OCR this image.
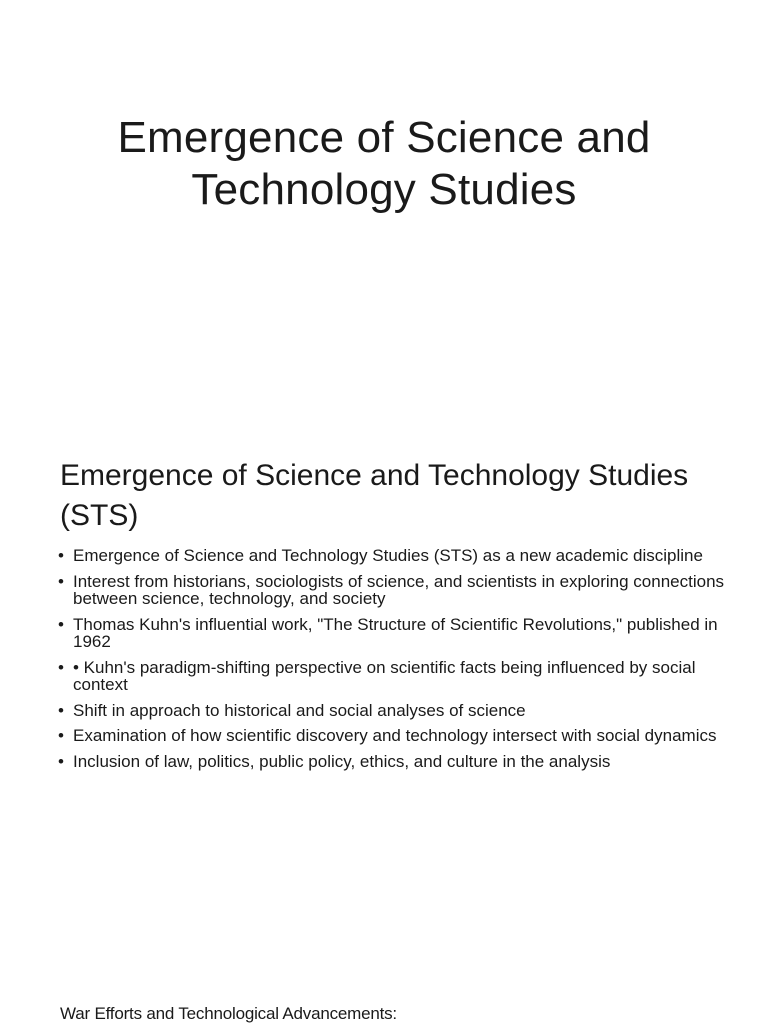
Emergence of Science and
Technology Studies
Emergence of Science and Technology Studies (STS)
• Emergence of Science and Technology Studies (STS) as a new academic discipline
• Interest from historians, sociologists of science, and scientists in exploring connections between science, technology, and society
• Thomas Kuhn's influential work, "The Structure of Scientific Revolutions," published in 1962
• • Kuhn's paradigm-shifting perspective on scientific facts being influenced by social context
• Shift in approach to historical and social analyses of science
• Examination of how scientific discovery and technology intersect with social dynamics
• Inclusion of law, politics, public policy, ethics, and culture in the analysis
War Efforts and Technological Advancements:
